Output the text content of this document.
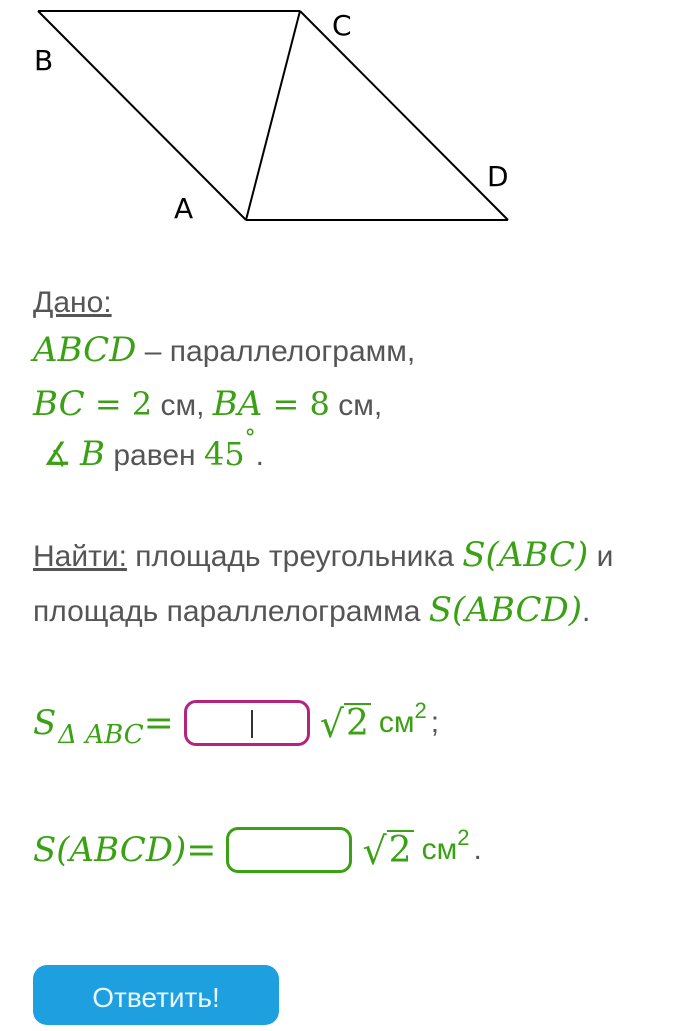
B
C
A
D
Дано:
ABCD – параллелограмм,
BC = 2 см, BA = 8 см,
∡ B равен 45°.
Найти: площадь треугольника S(ABC) и
площадь параллелограмма S(ABCD).
S Δ ABC =	√ 2 $см^2$ ;
S(ABCD) =	√ 2 $см^2$ .
Ответить!
